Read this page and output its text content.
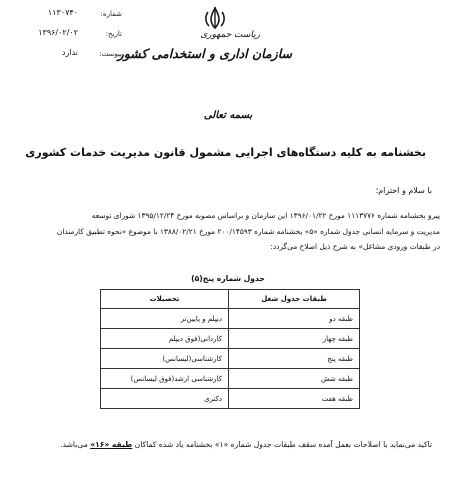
ریاست جمهوری
سازمان اداری و استخدامی کشور
شماره:
۱۱۳۰۷۴۰
تاریخ:
۱۳۹۶/۰۲/۰۲
پیوست:
ندارد
بسمه تعالی
بخشنامه به کلیه دستگاه‌های اجرایی مشمول قانون مدیریت خدمات کشوری
با سلام و احترام؛

پیرو بخشنامه شماره ۱۱۱۳۷۷۶ مورخ ۱۳۹۶/۰۱/۲۲ این سازمان و براساس مصوبه مورخ ۱۳۹۵/۱۲/۲۴ شورای توسعه

مدیریت و سرمایه انسانی جدول شماره «۵» بخشنامه شماره ۲۰۰/۱۴۵۹۳ مورخ ۱۳۸۸/۰۲/۲۱ با موضوع «نحوه تطبیق کارمندان

در طبقات ورودی مشاغل» به شرح ذیل اصلاح می‌گردد:

جدول شماره پنج(۵)
طبقات جدول شغل	تحصیلات
طبقه دو	دیپلم و پایین‌تر
طبقه چهار	کاردانی(فوق دیپلم
طبقه پنج	کارشناسی(لیسانس)
طبقه شش	کارشناسی ارشد(فوق لیسانس)
طبقه هفت	دکتری
تاکید می‌نماید با اصلاحات بعمل آمده سقف طبقات جدول شماره «۱» بخشنامه یاد شده کماکان طبقه «۱۶» می‌باشد.
